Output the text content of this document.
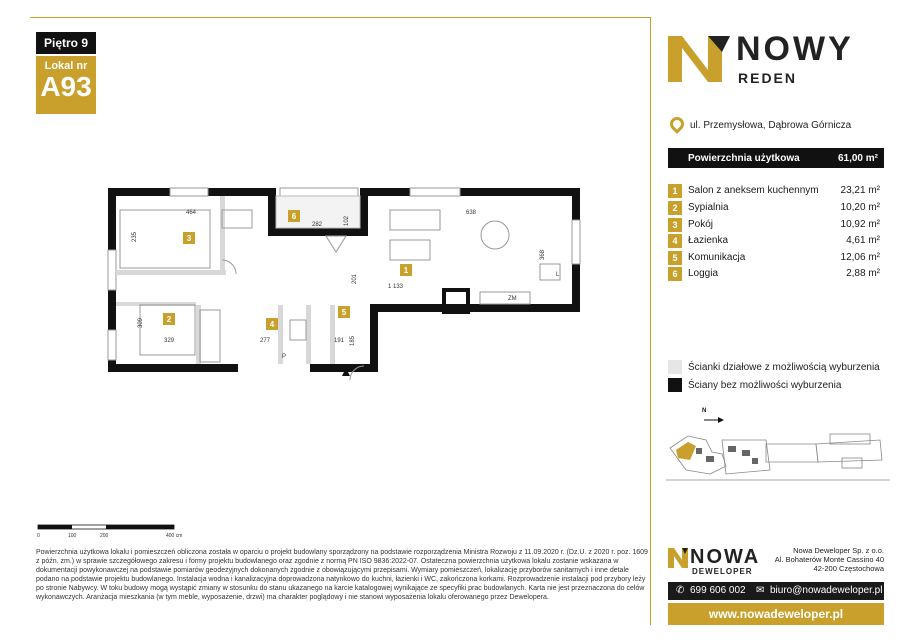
Piętro 9
Lokal nr
A93
3
2
6
1
4
5
464
235
282	102
638
368
201
1 133
309
329	277	191 185
ZM
L
P
0	100	200	400 cm
Powierzchnia użytkowa lokalu i pomieszczeń obliczona została w oparciu o projekt budowlany sporządzony na podstawie rozporządzenia Ministra Rozwoju z 11.09.2020 r. (Dz.U. z 2020 r. poz. 1609 z późn. zm.) w sprawie szczegółowego zakresu i formy projektu budowlanego oraz zgodnie z normą PN ISO 9836:2022-07. Ostateczna powierzchnia użytkowa lokalu zostanie wskazana w dokumentacji powykonawczej na podstawie pomiarów geodezyjnych dokonanych zgodnie z obowiązującymi przepisami. Wymiary pomieszczeń, lokalizację przyborów sanitarnych i inne detale podano na podstawie projektu budowlanego. Instalacja wodna i kanalizacyjna doprowadzona natynkowo do kuchni, łazienki i WC, zakończona korkami. Rozprowadzenie instalacji pod przybory leży po stronie Nabywcy. W toku budowy mogą wystąpić zmiany w stosunku do stanu ukazanego na karcie katalogowej wynikające ze specyfiki prac budowlanych. Karta nie jest przeznaczona do celów wykonawczych. Aranżacja mieszkania (w tym meble, wyposażenie, drzwi) ma charakter poglądowy i nie stanowi wyposażenia lokalu oferowanego przez Dewelopera.
NOWY
REDEN
ul. Przemysłowa, Dąbrowa Górnicza
Powierzchnia użytkowa	61,00 m²
1	Salon z aneksem kuchennym 23,21 m²
2	Sypialnia	10,20 m²
3	Pokój	10,92 m²
4	Łazienka	4,61 m²
5	Komunikacja	12,06 m²
6	Loggia	2,88 m²
Ścianki działowe z możliwością wyburzenia
Ściany bez możliwości wyburzenia
N
NOWA
DEWELOPER
Nowa Deweloper Sp. z o.o.
Al. Bohaterów Monte Cassino 40
42-200 Częstochowa
✆ 699 606 002 ✉ biuro@nowadeweloper.pl
www.nowadeweloper.pl
